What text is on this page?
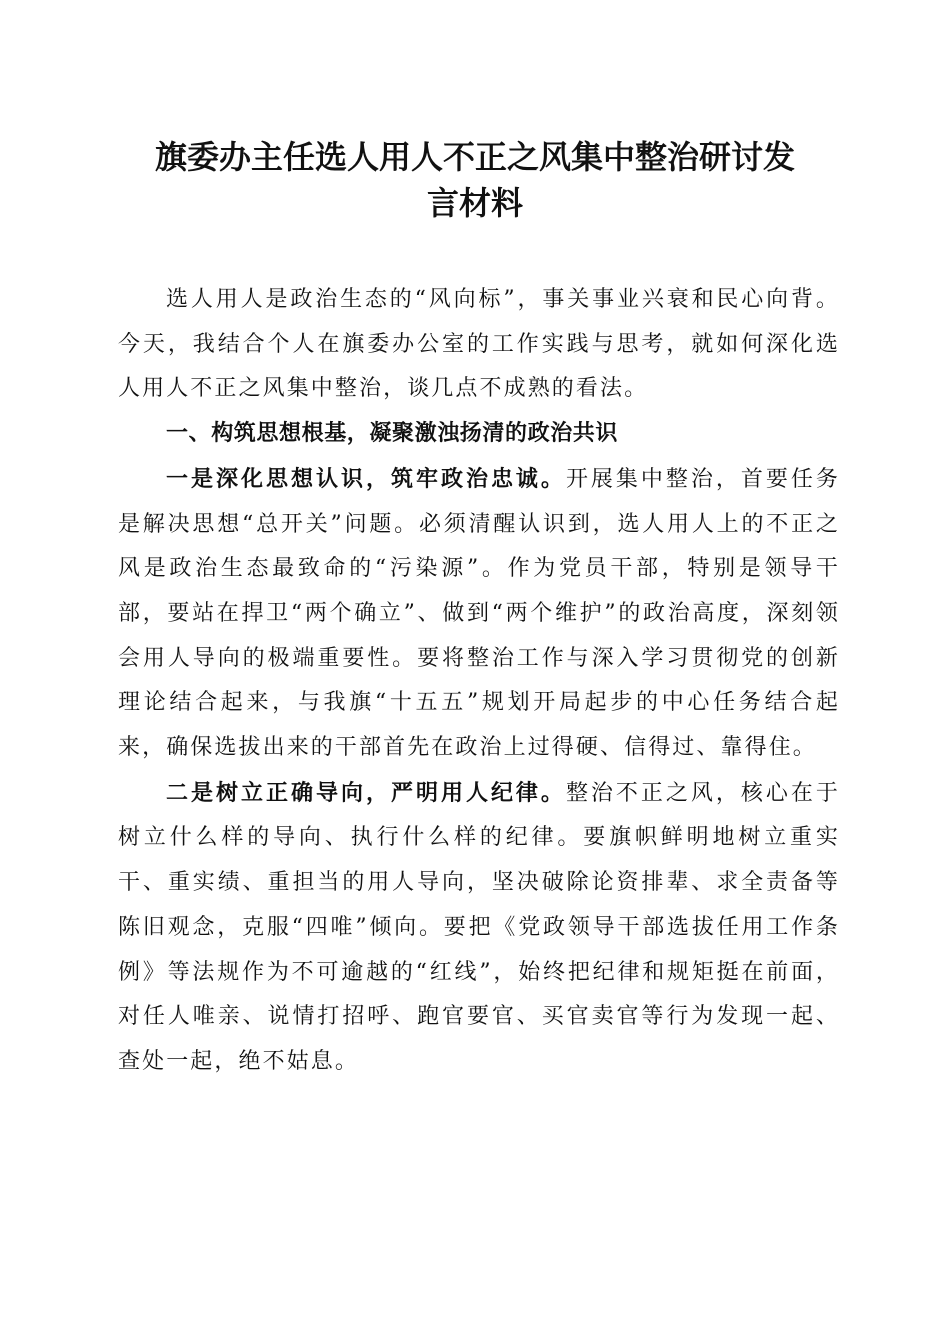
旗委办主任选人用人不正之风集中整治研讨发
言材料

选人用人是政治生态的“风向标”，事关事业兴衰和民心向背。今天，我结合个人在旗委办公室的工作实践与思考，就如何深化选人用人不正之风集中整治，谈几点不成熟的看法。

一、构筑思想根基，凝聚激浊扬清的政治共识

一是深化思想认识，筑牢政治忠诚。开展集中整治，首要任务是解决思想“总开关”问题。必须清醒认识到，选人用人上的不正之风是政治生态最致命的“污染源”。作为党员干部，特别是领导干部，要站在捍卫“两个确立”、做到“两个维护”的政治高度，深刻领会用人导向的极端重要性。要将整治工作与深入学习贯彻党的创新理论结合起来，与我旗“十五五”规划开局起步的中心任务结合起来，确保选拔出来的干部首先在政治上过得硬、信得过、靠得住。

二是树立正确导向，严明用人纪律。整治不正之风，核心在于树立什么样的导向、执行什么样的纪律。要旗帜鲜明地树立重实干、重实绩、重担当的用人导向，坚决破除论资排辈、求全责备等陈旧观念，克服“四唯”倾向。要把《党政领导干部选拔任用工作条例》等法规作为不可逾越的“红线”，始终把纪律和规矩挺在前面，对任人唯亲、说情打招呼、跑官要官、买官卖官等行为发现一起、查处一起，绝不姑息。
